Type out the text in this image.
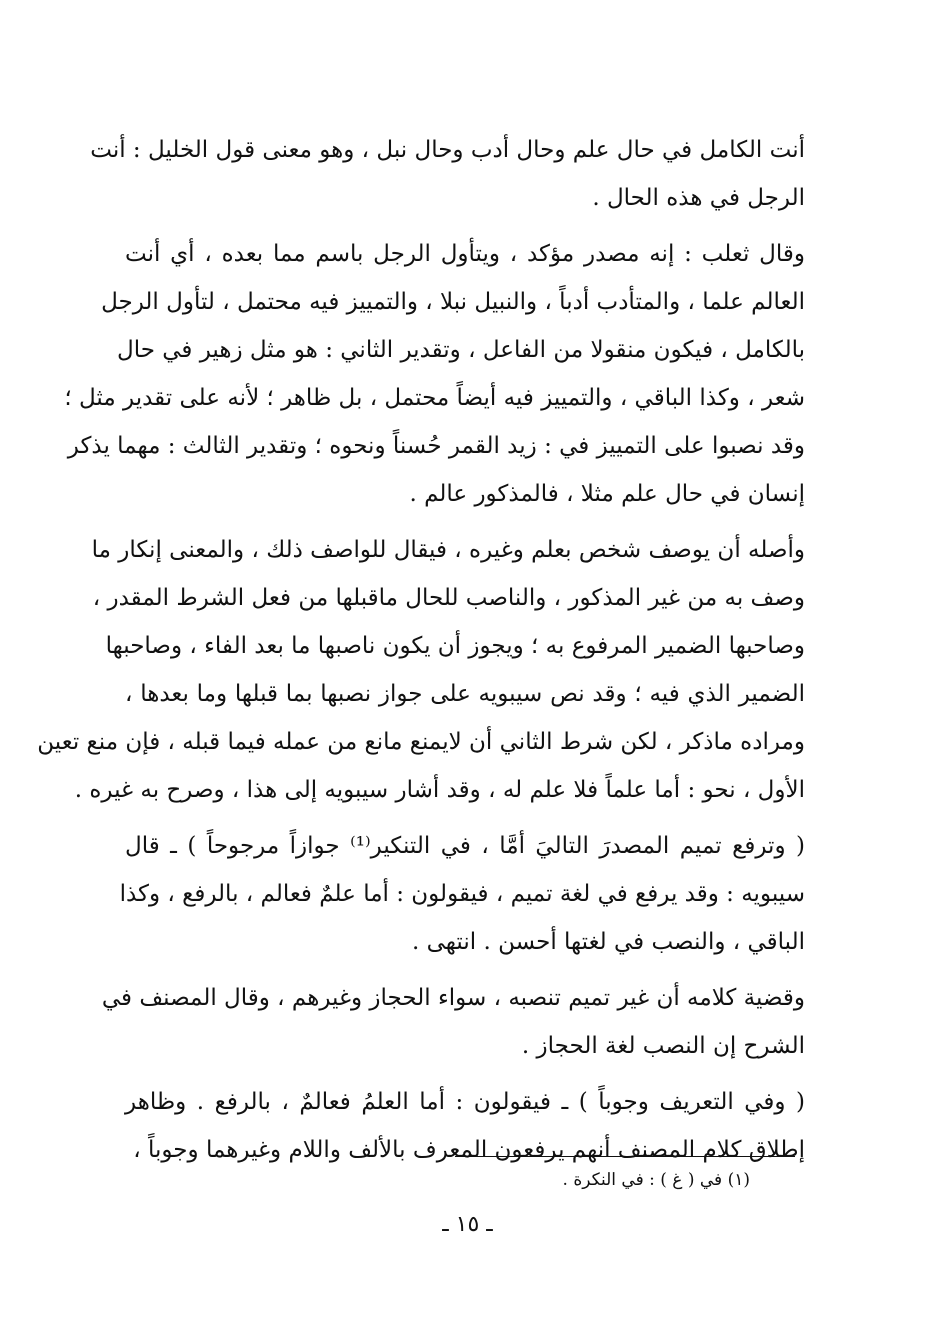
أنت الكامل في حال علم وحال أدب وحال نبل ، وهو معنى قول الخليل : أنت
الرجل في هذه الحال .
وقال ثعلب : إنه مصدر مؤكد ، ويتأول الرجل باسم مما بعده ، أي أنت
العالم علما ، والمتأدب أدباً ، والنبيل نبلا ، والتمييز فيه محتمل ، لتأول الرجل
بالكامل ، فيكون منقولا من الفاعل ، وتقدير الثاني : هو مثل زهير في حال
شعر ، وكذا الباقي ، والتمييز فيه أيضاً محتمل ، بل ظاهر ؛ لأنه على تقدير مثل ؛
وقد نصبوا على التمييز في : زيد القمر حُسناً ونحوه ؛ وتقدير الثالث : مهما يذكر
إنسان في حال علم مثلا ، فالمذكور عالم .
وأصله أن يوصف شخص بعلم وغيره ، فيقال للواصف ذلك ، والمعنى إنكار ما
وصف به من غير المذكور ، والناصب للحال ماقبلها من فعل الشرط المقدر ،
وصاحبها الضمير المرفوع به ؛ ويجوز أن يكون ناصبها ما بعد الفاء ، وصاحبها
الضمير الذي فيه ؛ وقد نص سيبويه على جواز نصبها بما قبلها وما بعدها ،
ومراده ماذكر ، لكن شرط الثاني أن لايمنع مانع من عمله فيما قبله ، فإن منع تعين
الأول ، نحو : أما علماً فلا علم له ، وقد أشار سيبويه إلى هذا ، وصرح به غيره .
( وترفع تميم المصدرَ التاليَ أمَّا ، في التنكير⁽¹⁾ جوازاً مرجوحاً ) ـ قال
سيبويه : وقد يرفع في لغة تميم ، فيقولون : أما علمٌ فعالم ، بالرفع ، وكذا
الباقي ، والنصب في لغتها أحسن . انتهى .
وقضية كلامه أن غير تميم تنصبه ، سواء الحجاز وغيرهم ، وقال المصنف في
الشرح إن النصب لغة الحجاز .
( وفي التعريف وجوباً ) ـ فيقولون : أما العلمُ فعالمٌ ، بالرفع . وظاهر
إطلاق كلام المصنف أنهم يرفعون المعرف بالألف واللام وغيرهما وجوباً ،
(١) في ( غ ) : في النكرة .
ـ ١٥ ـ
